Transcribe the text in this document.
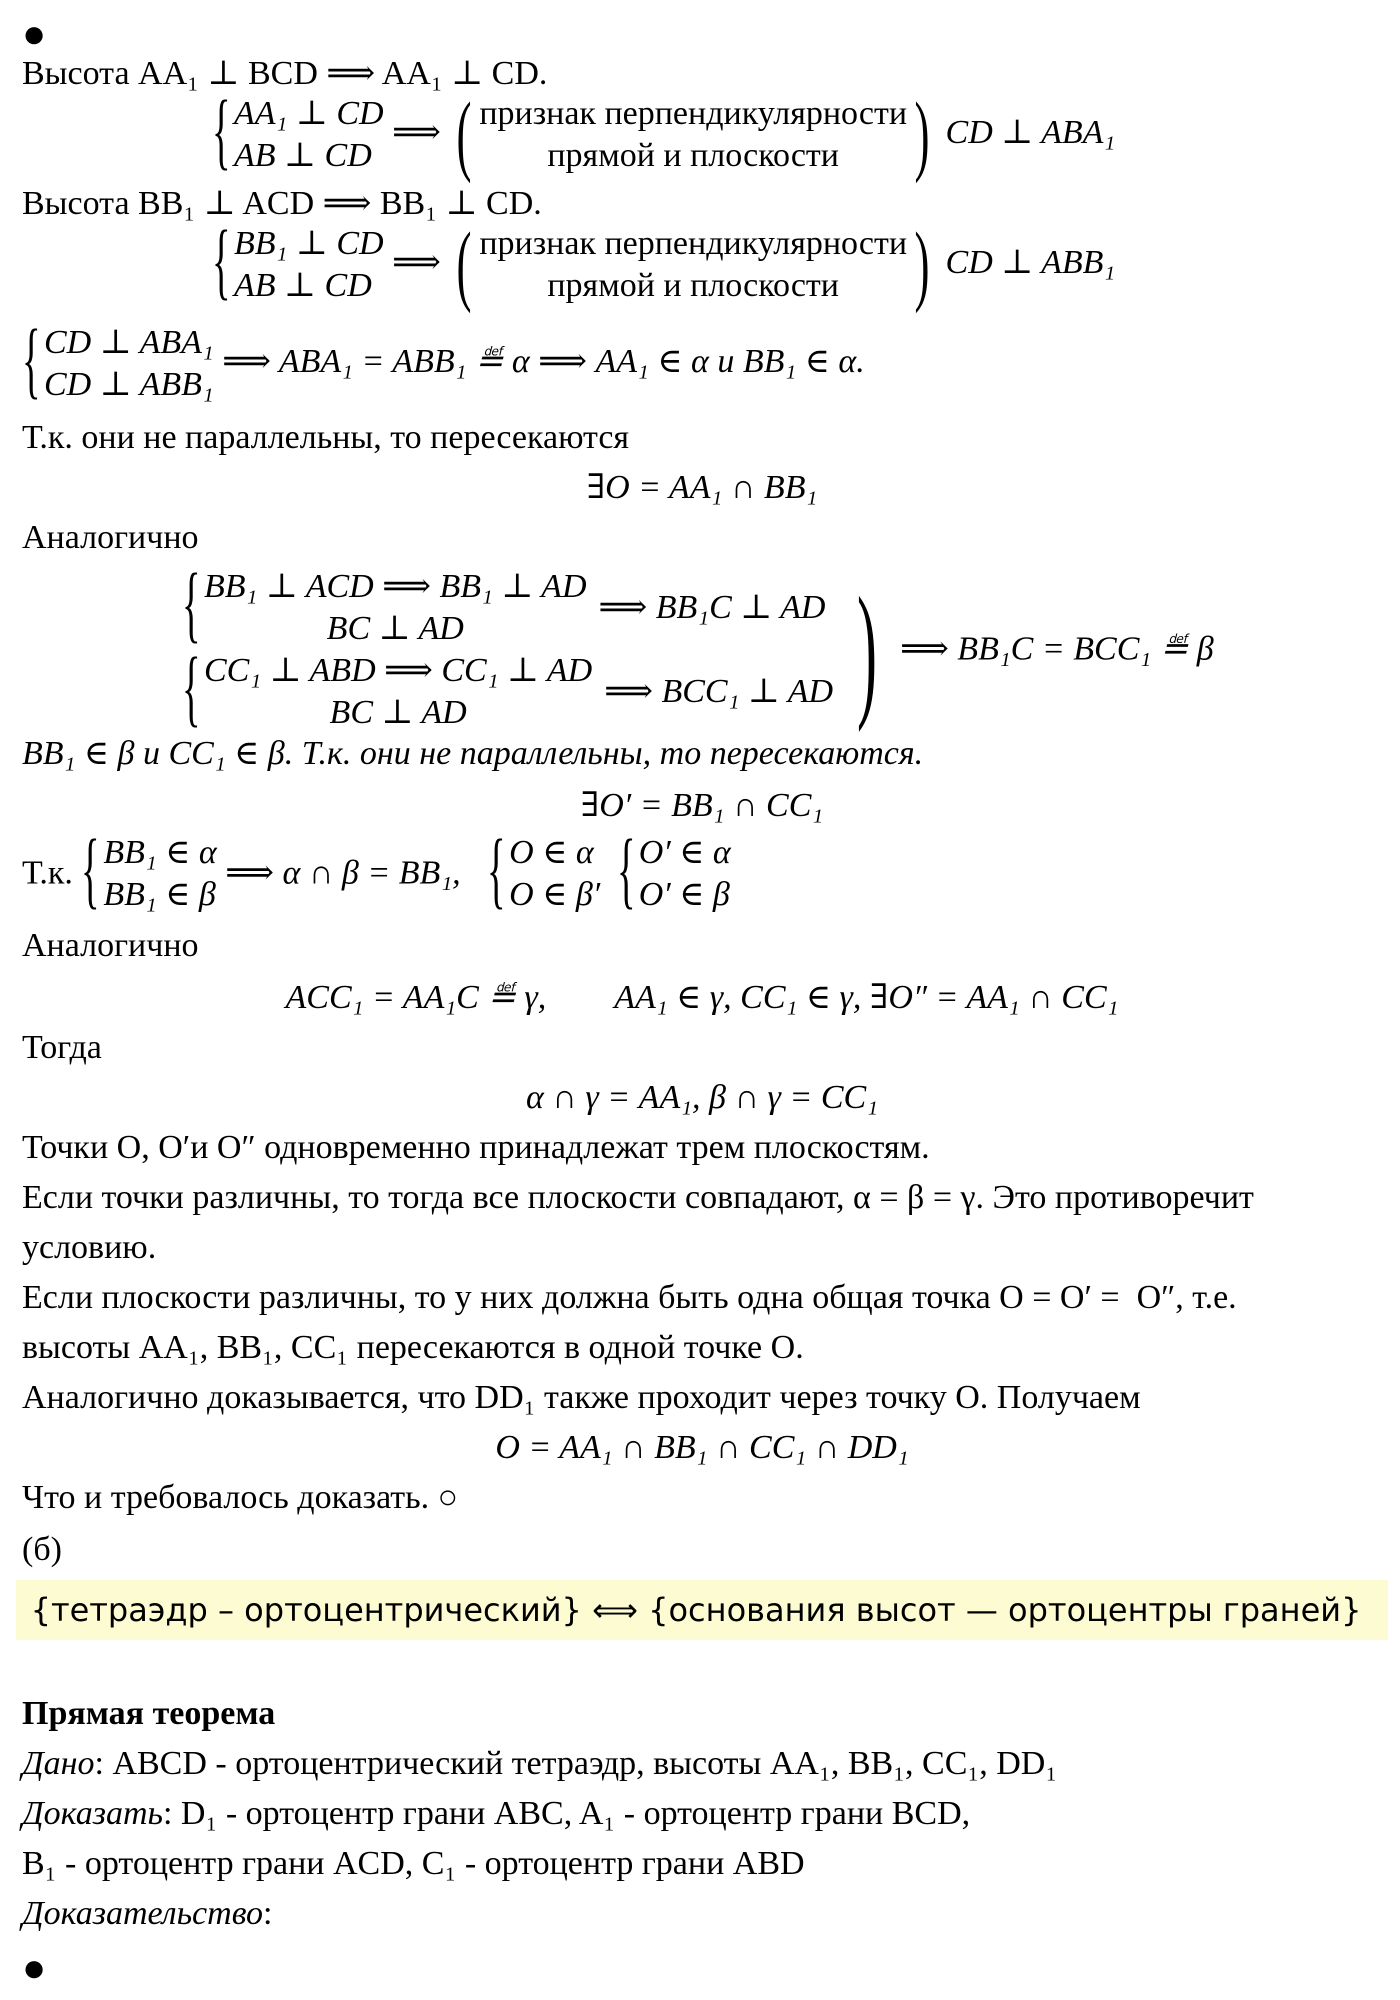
●
Высота AA₁ ⊥ BCD ⟹ AA₁ ⊥ CD.
{ AA₁ ⊥ CD
AB ⊥ CD
⟹ ( признак перпендикулярности
прямой и плоскости ) CD ⊥ ABA₁
Высота BB₁ ⊥ ACD ⟹ BB₁ ⊥ CD.
{ BB₁ ⊥ CD
AB ⊥ CD
⟹ ( признак перпендикулярности
прямой и плоскости ) CD ⊥ ABB₁
{ CD ⊥ ABA₁
CD ⊥ ABB₁
⟹ ABA₁ = ABB₁ ≝ α ⟹ AA₁ ∈ α и BB₁ ∈ α.
Т.к. они не параллельны, то пересекаются
∃O = AA₁ ∩ BB₁
Аналогично
{ BB₁ ⊥ ACD ⟹ BB₁ ⊥ AD
BC ⊥ AD
⟹ BB₁C ⊥ AD
{ CC₁ ⊥ ABD ⟹ CC₁ ⊥ AD
BC ⊥ AD
⟹ BCC₁ ⊥ AD ) ⟹ BB₁C = BCC₁ ≝ β
BB₁ ∈ β и CC₁ ∈ β. Т.к. они не параллельны, то пересекаются.
∃O′ = BB₁ ∩ CC₁
Т.к.
{ BB₁ ∈ α
BB₁ ∈ β
⟹ α ∩ β = BB₁,
{ O ∈ α
O ∈ β′

{ O′ ∈ α
O′ ∈ β
Аналогично
ACC₁ = AA₁C ≝ γ,        AA₁ ∈ γ, CC₁ ∈ γ, ∃O″ = AA₁ ∩ CC₁
Тогда
α ∩ γ = AA₁, β ∩ γ = CC₁
Точки O, O′и O″ одновременно принадлежат трем плоскостям.
Если точки различны, то тогда все плоскости совпадают, α = β = γ. Это противоречит
условию.
Если плоскости различны, то у них должна быть одна общая точка O = O′ =  O″, т.е.
высоты AA₁, BB₁, CC₁ пересекаются в одной точке O.
Аналогично доказывается, что DD₁ также проходит через точку O. Получаем
O = AA₁ ∩ BB₁ ∩ CC₁ ∩ DD₁
Что и требовалось доказать. ○
(б)
{тетраэдр – ортоцентрический} ⟺ {основания высот — ортоцентры граней}
Прямая теорема
Дано: ABCD - ортоцентрический тетраэдр, высоты AA₁, BB₁, CC₁, DD₁
Доказать: D₁ - ортоцентр грани ABC, A₁ - ортоцентр грани BCD,
B₁ - ортоцентр грани ACD, C₁ - ортоцентр грани ABD
Доказательство:
●
